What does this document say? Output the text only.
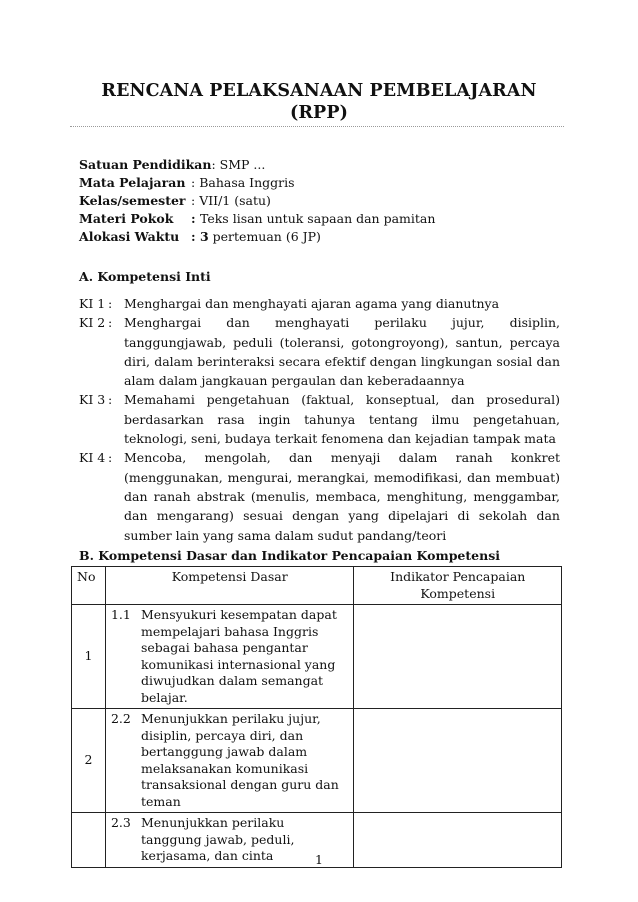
RENCANA PELAKSANAAN PEMBELAJARAN
(RPP)
Satuan Pendidikan : SMP ...
Mata Pelajaran : Bahasa Inggris
Kelas/semester : VII/1 (satu)
Materi Pokok	: Teks lisan untuk sapaan dan pamitan
Alokasi Waktu : 3 pertemuan (6 JP)
A. Kompetensi Inti
KI 1 : Menghargai dan menghayati ajaran agama yang dianutnya
KI 2 : Menghargai dan menghayati perilaku jujur, disiplin, tanggungjawab, peduli (toleransi, gotongroyong), santun, percaya diri, dalam berinteraksi secara efektif dengan lingkungan sosial dan alam dalam jangkauan pergaulan dan keberadaannya
KI 3 : Memahami pengetahuan (faktual, konseptual, dan prosedural) berdasarkan rasa ingin tahunya tentang ilmu pengetahuan, teknologi, seni, budaya terkait fenomena dan kejadian tampak mata
KI 4 : Mencoba, mengolah, dan menyaji dalam ranah konkret (menggunakan, mengurai, merangkai, memodifikasi, dan membuat) dan ranah abstrak (menulis, membaca, menghitung, menggambar, dan mengarang) sesuai dengan yang dipelajari di sekolah dan sumber lain yang sama dalam sudut pandang/teori
B. Kompetensi Dasar dan Indikator Pencapaian Kompetensi
No	Kompetensi Dasar	Indikator Pencapaian Kompetensi
1	1.1 Mensyukuri kesempatan dapat mempelajari bahasa Inggris sebagai bahasa pengantar komunikasi internasional yang diwujudkan dalam semangat belajar.	

2	2.2 Menunjukkan perilaku jujur, disiplin, percaya diri, dan bertanggung jawab dalam melaksanakan komunikasi transaksional dengan guru dan teman	

	2.3 Menunjukkan perilaku tanggung jawab, peduli, kerjasama, dan cinta	
		1
